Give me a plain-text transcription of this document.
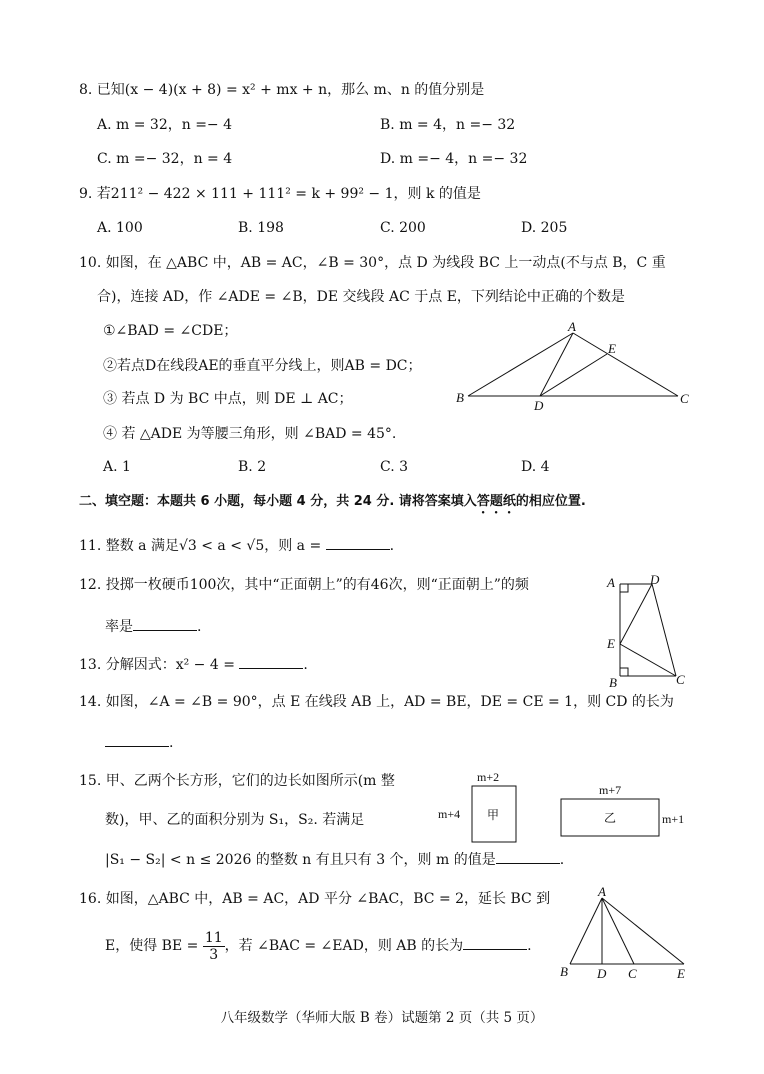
8. 已知(x − 4)(x + 8) = x² + mx + n，那么 m、n 的值分别是
A. m = 32，n =− 4	B. m = 4，n =− 32
C. m =− 32，n = 4	D. m =− 4，n =− 32
9. 若211² − 422 × 111 + 111² = k + 99² − 1，则 k 的值是
A. 100	B. 198	C. 200	D. 205
10. 如图，在 △ABC 中，AB = AC，∠B = 30°，点 D 为线段 BC 上一动点(不与点 B，C 重
合)，连接 AD，作 ∠ADE = ∠B，DE 交线段 AC 于点 E，下列结论中正确的个数是
①∠BAD = ∠CDE；
②若点D在线段AE的垂直平分线上，则AB = DC；
③ 若点 D 为 BC 中点，则 DE ⊥ AC；
④ 若 △ADE 为等腰三角形，则 ∠BAD = 45°.
A. 1	B. 2	C. 3	D. 4
A
E
B
D	C
二、填空题：本题共 6 小题，每小题 4 分，共 24 分. 请将答案填入答题纸的相应位置.
11. 整数 a 满足√3 < a < √5，则 a =	.
12. 投掷一枚硬币100次，其中“正面朝上”的有46次，则“正面朝上”的频
率是	.
13. 分解因式：x² − 4 =	.
A	D
E
B	C
14. 如图，∠A = ∠B = 90°，点 E 在线段 AB 上，AD = BE，DE = CE = 1，则 CD 的长为
.
15. 甲、乙两个长方形，它们的边长如图所示(m 整
数)，甲、乙的面积分别为 S₁，S₂. 若满足
|S₁ − S₂| < n ≤ 2026 的整数 n 有且只有 3 个，则 m 的值是	.
m+2
m+4 甲
m+7
m+1
乙
16. 如图，△ABC 中，AB = AC，AD 平分 ∠BAC，BC = 2，延长 BC 到
E，使得 BE = $\frac{11}{3}$ ，若 ∠BAC = ∠EAD，则 AB 的长为	.
A
B D C	E
八年级数学（华师大版 B 卷）试题第 2 页（共 5 页）
